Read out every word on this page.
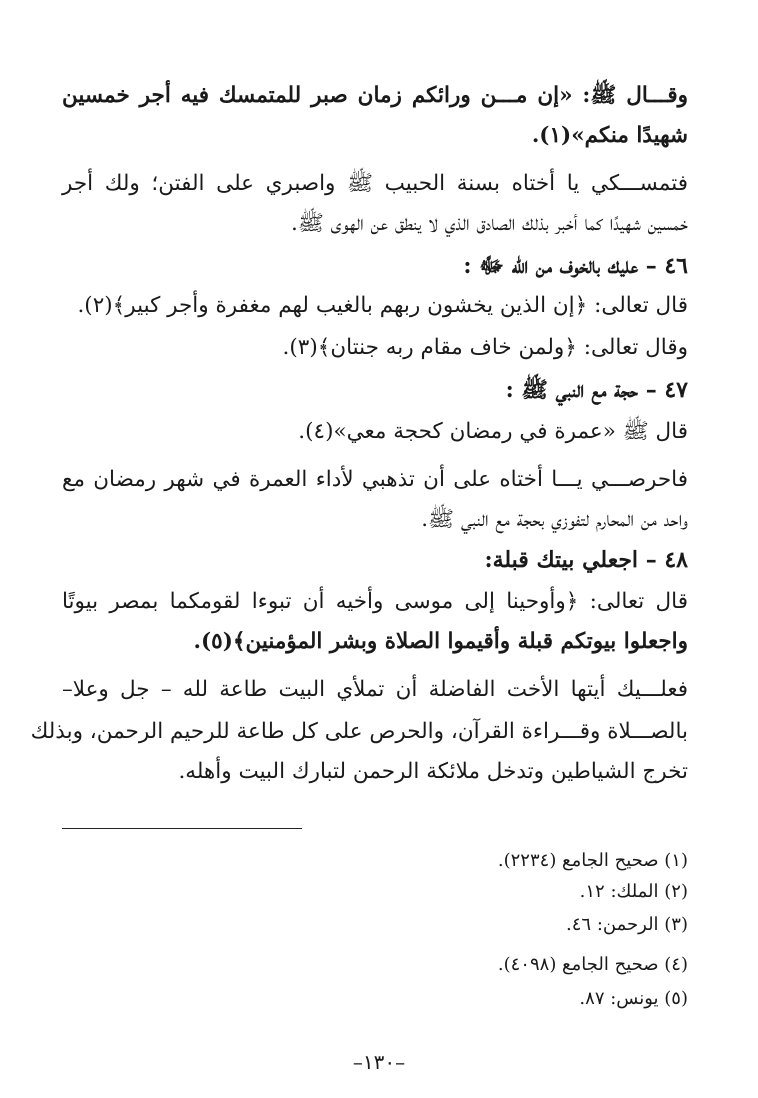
وقـــال ﷺ: «إن مـــن ورائكم زمان صبر للمتمسك فيه أجر خمسين
شهيدًا منكم»(١).
فتمســـكي يا أختاه بسنة الحبيب ﷺ واصبري على الفتن؛ ولك أجر
خمسين شهيدًا كما أخبر بذلك الصادق الذي لا ينطق عن الهوى ﷺ.
٤٦ – عليك بالخوف من الله ﷻ :
قال تعالى: ﴿إن الذين يخشون ربهم بالغيب لهم مغفرة وأجر كبير﴾(٢).
وقال تعالى: ﴿ولمن خاف مقام ربه جنتان﴾(٣).
٤٧ – حجة مع النبي ﷺ :
قال ﷺ «عمرة في رمضان كحجة معي»(٤).
فاحرصـــي يـــا أختاه على أن تذهبي لأداء العمرة في شهر رمضان مع
واحد من المحارم لتفوزي بحجة مع النبي ﷺ.
٤٨ – اجعلي بيتك قبلة:
قال تعالى: ﴿وأوحينا إلى موسى وأخيه أن تبوءا لقومكما بمصر بيوتًا
واجعلوا بيوتكم قبلة وأقيموا الصلاة وبشر المؤمنين﴾(٥).
فعلـــيك أيتها الأخت الفاضلة أن تملأي البيت طاعة لله – جل وعلا–
بالصـــلاة وقـــراءة القرآن، والحرص على كل طاعة للرحيم الرحمن، وبذلك
تخرج الشياطين وتدخل ملائكة الرحمن لتبارك البيت وأهله.
(١) صحيح الجامع (٢٢٣٤).
(٢) الملك: ١٢.
(٣) الرحمن: ٤٦.
(٤) صحيح الجامع (٤٠٩٨).
(٥) يونس: ٨٧.
–١٣٠–
